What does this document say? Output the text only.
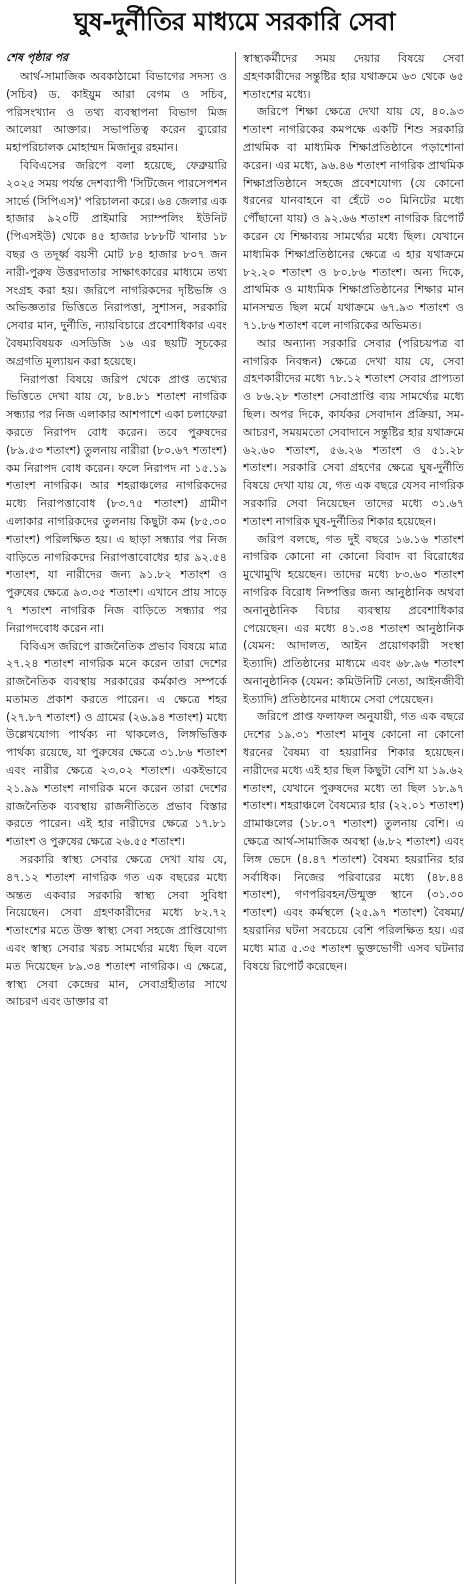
ঘুষ-দুর্নীতির মাধ্যমে সরকারি সেবা
শেষ পৃষ্ঠার পর

আর্থ-সামাজিক অবকাঠামো বিভাগের সদস্য ও (সচিব) ড. কাইয়ুম আরা বেগম ও সচিব, পরিসংখ্যান ও তথ্য ব্যবস্থাপনা বিভাগ মিজ আলেয়া আক্তার। সভাপতিত্ব করেন ব্যুরোর মহাপরিচালক মোহাম্মদ মিজানুর রহমান।

বিবিএসের জরিপে বলা হয়েছে, ফেব্রুয়ারি ২০২৫ সময় পর্যন্ত দেশব্যাপী 'সিটিজেন পারসেপশন সার্ভে (সিপিএস)' পরিচালনা করে। ৬৪ জেলার এক হাজার ৯২০টি প্রাইমারি স্যাম্পলিং ইউনিট (পিএসইউ) থেকে ৪৫ হাজার ৮৮৮টি খানার ১৮ বছর ও তদূর্ধ্ব বয়সী মোট ৮৪ হাজার ৮০৭ জন নারী-পুরুষ উত্তরদাতার সাক্ষাৎকারের মাধ্যমে তথ্য সংগ্রহ করা হয়। জরিপে নাগরিকদের দৃষ্টিভঙ্গি ও অভিজ্ঞতার ভিত্তিতে নিরাপত্তা, সুশাসন, সরকারি সেবার মান, দুর্নীতি, ন্যায়বিচারে প্রবেশাধিকার এবং বৈষম্যবিষয়ক এসডিজি ১৬ এর ছয়টি সূচকের অগ্রগতি মূল্যায়ন করা হয়েছে।

নিরাপত্তা বিষয়ে জরিপ থেকে প্রাপ্ত তথ্যের ভিত্তিতে দেখা যায় যে, ৮৪.৮১ শতাংশ নাগরিক সন্ধ্যার পর নিজ এলাকার আশপাশে একা চলাফেরা করতে নিরাপদ বোধ করেন। তবে পুরুষদের (৮৯.৫৩ শতাংশ) তুলনায় নারীরা (৮০.৬৭ শতাংশ) কম নিরাপদ বোধ করেন। ফলে নিরাপদ না ১৫.১৯ শতাংশ নাগরিক। আর শহরাঞ্চলের নাগরিকদের মধ্যে নিরাপত্তাবোধ (৮৩.৭৫ শতাংশ) গ্রামীণ এলাকার নাগরিকদের তুলনায় কিছুটা কম (৮৫.৩০ শতাংশ) পরিলক্ষিত হয়। এ ছাড়া সন্ধ্যার পর নিজ বাড়িতে নাগরিকদের নিরাপত্তাবোধের হার ৯২.৫৪ শতাংশ, যা নারীদের জন্য ৯১.৮২ শতাংশ ও পুরুষের ক্ষেত্রে ৯৩.৩৫ শতাংশ। এখানে প্রায় সাড়ে ৭ শতাংশ নাগরিক নিজ বাড়িতে সন্ধ্যার পর নিরাপদবোধ করেন না।

বিবিএস জরিপে রাজনৈতিক প্রভাব বিষয়ে মাত্র ২৭.২৪ শতাংশ নাগরিক মনে করেন তারা দেশের রাজনৈতিক ব্যবস্থায় সরকারের কর্মকাণ্ড সম্পর্কে মতামত প্রকাশ করতে পারেন। এ ক্ষেত্রে শহর (২৭.৮৭ শতাংশ) ও গ্রামের (২৬.৯৪ শতাংশ) মধ্যে উল্লেখযোগ্য পার্থক্য না থাকলেও, লিঙ্গভিত্তিক পার্থক্য রয়েছে, যা পুরুষের ক্ষেত্রে ৩১.৮৬ শতাংশ এবং নারীর ক্ষেত্রে ২৩.০২ শতাংশ। একইভাবে ২১.৯৯ শতাংশ নাগরিক মনে করেন তারা দেশের রাজনৈতিক ব্যবস্থায় রাজনীতিতে প্রভাব বিস্তার করতে পারেন। এই হার নারীদের ক্ষেত্রে ১৭.৮১ শতাংশ ও পুরুষের ক্ষেত্রে ২৬.৫৫ শতাংশ।

সরকারি স্বাস্থ্য সেবার ক্ষেত্রে দেখা যায় যে, ৪৭.১২ শতাংশ নাগরিক গত এক বছরের মধ্যে অন্তত একবার সরকারি স্বাস্থ্য সেবা সুবিধা নিয়েছেন। সেবা গ্রহণকারীদের মধ্যে ৮২.৭২ শতাংশের মতে উক্ত স্বাস্থ্য সেবা সহজে প্রাপ্তিযোগ্য এবং স্বাস্থ্য সেবার খরচ সামর্থ্যের মধ্যে ছিল বলে মত দিয়েছেন ৮৯.৩৪ শতাংশ নাগরিক। এ ক্ষেত্রে, স্বাস্থ্য সেবা কেন্দ্রের মান, সেবাগ্রহীতার সাথে আচরণ এবং ডাক্তার বা

স্বাস্থ্যকর্মীদের সময় দেয়ার বিষয়ে সেবা গ্রহণকারীদের সন্তুষ্টির হার যথাক্রমে ৬৩ থেকে ৬৫ শতাংশের মধ্যে।

জরিপে শিক্ষা ক্ষেত্রে দেখা যায় যে, ৪০.৯৩ শতাংশ নাগরিকের কমপক্ষে একটি শিশু সরকারি প্রাথমিক বা মাধ্যমিক শিক্ষাপ্রতিষ্ঠানে পড়াশোনা করেন। এর মধ্যে, ৯৬.৪৬ শতাংশ নাগরিক প্রাথমিক শিক্ষাপ্রতিষ্ঠানে সহজে প্রবেশযোগ্য (যে কোনো ধরনের যানবাহনে বা হেঁটে ৩০ মিনিটের মধ্যে পৌঁছানো যায়) ও ৯২.৬৬ শতাংশ নাগরিক রিপোর্ট করেন যে শিক্ষাব্যয় সামর্থ্যের মধ্যে ছিল। যেখানে মাধ্যমিক শিক্ষাপ্রতিষ্ঠানের ক্ষেত্রে এ হার যথাক্রমে ৮২.২০ শতাংশ ও ৮০.৮৬ শতাংশ। অন্য দিকে, প্রাথমিক ও মাধ্যমিক শিক্ষাপ্রতিষ্ঠানের শিক্ষার মান মানসম্মত ছিল মর্মে যথাক্রমে ৬৭.৯৩ শতাংশ ও ৭১.৮৬ শতাংশ বলে নাগরিকের অভিমত।

আর অন্যান্য সরকারি সেবার (পরিচয়পত্র বা নাগরিক নিবন্ধন) ক্ষেত্রে দেখা যায় যে, সেবা গ্রহণকারীদের মধ্যে ৭৮.১২ শতাংশ সেবার প্রাপ্যতা ও ৮৬.২৮ শতাংশ সেবাপ্রাপ্তি ব্যয় সামর্থ্যের মধ্যে ছিল। অপর দিকে, কার্যকর সেবাদান প্রক্রিয়া, সম-আচরণ, সময়মতো সেবাদানে সন্তুষ্টির হার যথাক্রমে ৬২.৬০ শতাংশ, ৫৬.২৬ শতাংশ ও ৫১.২৮ শতাংশ। সরকারি সেবা গ্রহণের ক্ষেত্রে ঘুষ-দুর্নীতি বিষয়ে দেখা যায় যে, গত এক বছরে যেসব নাগরিক সরকারি সেবা নিয়েছেন তাদের মধ্যে ৩১.৬৭ শতাংশ নাগরিক ঘুষ-দুর্নীতির শিকার হয়েছেন।

জরিপ বলছে, গত দুই বছরে ১৬.১৬ শতাংশ নাগরিক কোনো না কোনো বিবাদ বা বিরোধের মুখোমুখি হয়েছেন। তাদের মধ্যে ৮৩.৬০ শতাংশ নাগরিক বিরোধ নিষ্পত্তির জন্য আনুষ্ঠানিক অথবা অনানুষ্ঠানিক বিচার ব্যবস্থায় প্রবেশাধিকার পেয়েছেন। এর মধ্যে ৪১.৩৪ শতাংশ আনুষ্ঠানিক (যেমন: আদালত, আইন প্রয়োগকারী সংস্থা ইত্যাদি) প্রতিষ্ঠানের মাধ্যমে এবং ৬৮.৯৬ শতাংশ অনানুষ্ঠানিক (যেমন: কমিউনিটি নেতা, আইনজীবী ইত্যাদি) প্রতিষ্ঠানের মাধ্যমে সেবা পেয়েছেন।

জরিপে প্রাপ্ত ফলাফল অনুযায়ী, গত এক বছরে দেশের ১৯.৩১ শতাংশ মানুষ কোনো না কোনো ধরনের বৈষম্য বা হয়রানির শিকার হয়েছেন। নারীদের মধ্যে এই হার ছিল কিছুটা বেশি যা ১৯.৬২ শতাংশ, যেখানে পুরুষদের মধ্যে তা ছিল ১৮.৯৭ শতাংশ। শহরাঞ্চলে বৈষম্যের হার (২২.০১ শতাংশ) গ্রামাঞ্চলের (১৮.০৭ শতাংশ) তুলনায় বেশি। এ ক্ষেত্রে আর্থ-সামাজিক অবস্থা (৬.৮২ শতাংশ) এবং লিঙ্গ ভেদে (৪.৪৭ শতাংশ) বৈষম্য হয়রানির হার সর্বাধিক। নিজের পরিবারের মধ্যে (৪৮.৪৪ শতাংশ), গণপরিবহন/উন্মুক্ত স্থানে (৩১.৩০ শতাংশ) এবং কর্মস্থলে (২৫.৯৭ শতাংশ) বৈষম্য/হয়রানির ঘটনা সবচেয়ে বেশি পরিলক্ষিত হয়। এর মধ্যে মাত্র ৫.৩৫ শতাংশ ভুক্তভোগী এসব ঘটনার বিষয়ে রিপোর্ট করেছেন।
